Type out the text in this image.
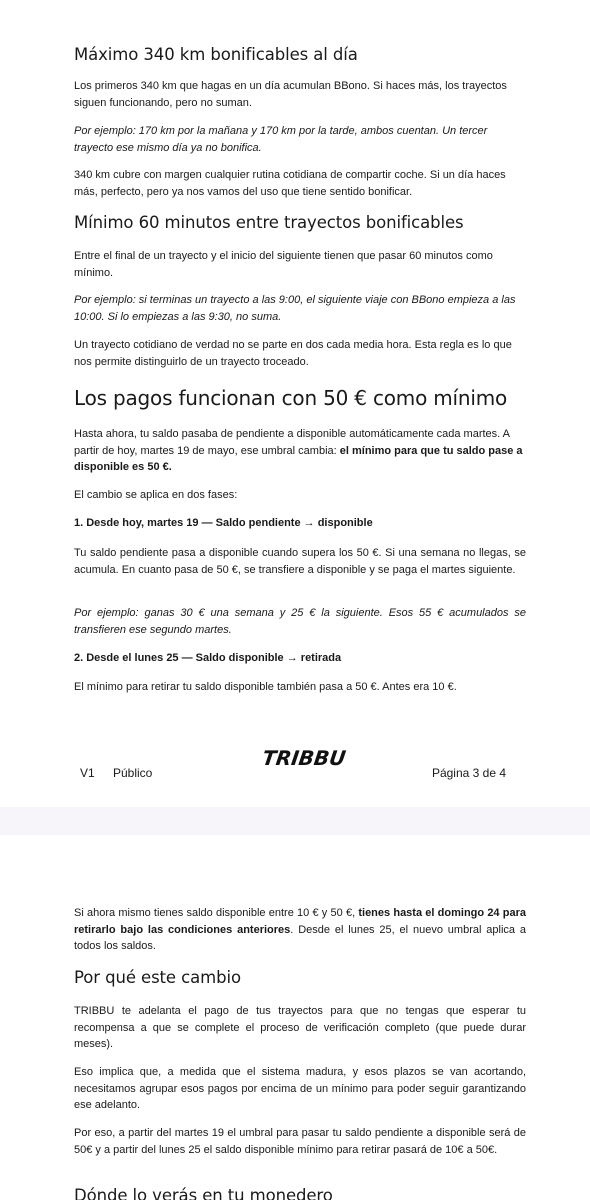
Máximo 340 km bonificables al día

Los primeros 340 km que hagas en un día acumulan BBono. Si haces más, los trayectos siguen funcionando, pero no suman.

Por ejemplo: 170 km por la mañana y 170 km por la tarde, ambos cuentan. Un tercer trayecto ese mismo día ya no bonifica.

340 km cubre con margen cualquier rutina cotidiana de compartir coche. Si un día haces más, perfecto, pero ya nos vamos del uso que tiene sentido bonificar.

Mínimo 60 minutos entre trayectos bonificables

Entre el final de un trayecto y el inicio del siguiente tienen que pasar 60 minutos como mínimo.

Por ejemplo: si terminas un trayecto a las 9:00, el siguiente viaje con BBono empieza a las 10:00. Si lo empiezas a las 9:30, no suma.

Un trayecto cotidiano de verdad no se parte en dos cada media hora. Esta regla es lo que nos permite distinguirlo de un trayecto troceado.

Los pagos funcionan con 50 € como mínimo

Hasta ahora, tu saldo pasaba de pendiente a disponible automáticamente cada martes. A partir de hoy, martes 19 de mayo, ese umbral cambia: el mínimo para que tu saldo pase a disponible es 50 €.

El cambio se aplica en dos fases:

1. Desde hoy, martes 19 — Saldo pendiente → disponible

Tu saldo pendiente pasa a disponible cuando supera los 50 €. Si una semana no llegas, se acumula. En cuanto pasa de 50 €, se transfiere a disponible y se paga el martes siguiente.

Por ejemplo: ganas 30 € una semana y 25 € la siguiente. Esos 55 € acumulados se transfieren ese segundo martes.

2. Desde el lunes 25 — Saldo disponible → retirada

El mínimo para retirar tu saldo disponible también pasa a 50 €. Antes era 10 €.

TRIBBU
V1 Público	Página 3 de 4

Si ahora mismo tienes saldo disponible entre 10 € y 50 €, tienes hasta el domingo 24 para retirarlo bajo las condiciones anteriores. Desde el lunes 25, el nuevo umbral aplica a todos los saldos.

Por qué este cambio

TRIBBU te adelanta el pago de tus trayectos para que no tengas que esperar tu recompensa a que se complete el proceso de verificación completo (que puede durar meses).

Eso implica que, a medida que el sistema madura, y esos plazos se van acortando, necesitamos agrupar esos pagos por encima de un mínimo para poder seguir garantizando ese adelanto.

Por eso, a partir del martes 19 el umbral para pasar tu saldo pendiente a disponible será de 50€ y a partir del lunes 25 el saldo disponible mínimo para retirar pasará de 10€ a 50€.

Dónde lo verás en tu monedero
